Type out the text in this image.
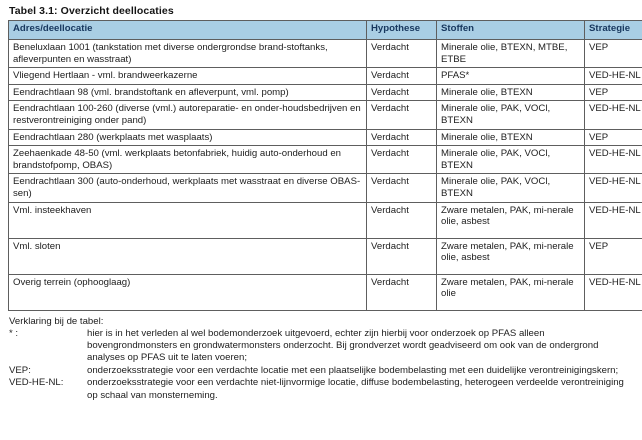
Tabel 3.1: Overzicht deellocaties
Adres/deellocatie	Hypothese	Stoffen	Strategie
Beneluxlaan 1001 (tankstation met diverse ondergrondse brand-stoftanks, afleverpunten en wasstraat)	Verdacht	Minerale olie, BTEXN, MTBE, ETBE	VEP
Vliegend Hertlaan - vml. brandweerkazerne	Verdacht	PFAS*	VED-HE-NL
Eendrachtlaan 98 (vml. brandstoftank en afleverpunt, vml. pomp)	Verdacht	Minerale olie, BTEXN	VEP
Eendrachtlaan 100-260 (diverse (vml.) autoreparatie- en onder-houdsbedrijven en restverontreiniging onder pand)	Verdacht	Minerale olie, PAK, VOCl, BTEXN	VED-HE-NL
Eendrachtlaan 280 (werkplaats met wasplaats)	Verdacht	Minerale olie, BTEXN	VEP
Zeehaenkade 48-50 (vml. werkplaats betonfabriek, huidig auto-onderhoud en brandstofpomp, OBAS)	Verdacht	Minerale olie, PAK, VOCl, BTEXN	VED-HE-NL
Eendrachtlaan 300 (auto-onderhoud, werkplaats met wasstraat en diverse OBAS-sen)	Verdacht	Minerale olie, PAK, VOCl, BTEXN	VED-HE-NL
Vml. insteekhaven	Verdacht	Zware metalen, PAK, mi-nerale olie, asbest	VED-HE-NL
Vml. sloten	Verdacht	Zware metalen, PAK, mi-nerale olie, asbest	VEP
Overig terrein (ophooglaag)	Verdacht	Zware metalen, PAK, mi-nerale olie	VED-HE-NL
Verklaring bij de tabel:
* :	hier is in het verleden al wel bodemonderzoek uitgevoerd, echter zijn hierbij voor onderzoek op PFAS alleen bovengrondmonsters en grondwatermonsters onderzocht. Bij grondverzet wordt geadviseerd om ook van de ondergrond analyses op PFAS uit te laten voeren;
VEP:	onderzoeksstrategie voor een verdachte locatie met een plaatselijke bodembelasting met een duidelijke verontreinigingskern;
VED-HE-NL:	onderzoeksstrategie voor een verdachte niet-lijnvormige locatie, diffuse bodembelasting, heterogeen verdeelde verontreiniging op schaal van monsterneming.
